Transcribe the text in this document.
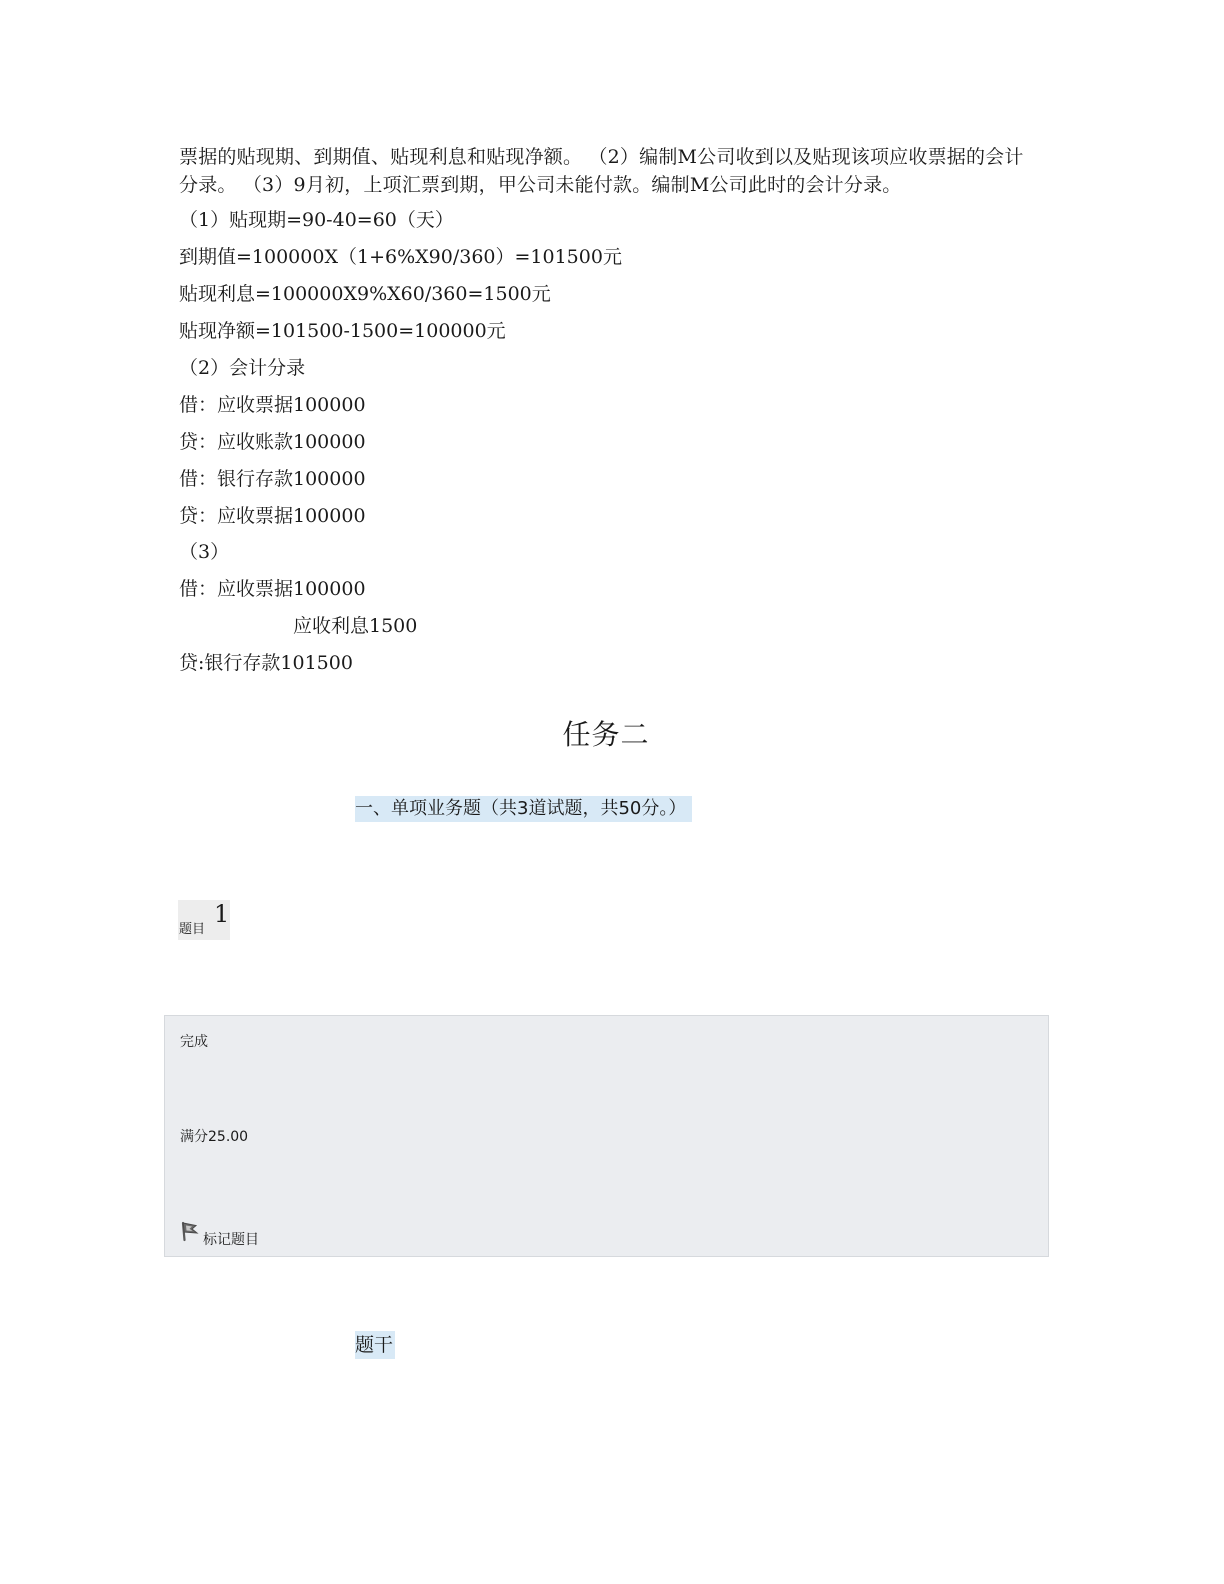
票据的贴现期、到期值、贴现利息和贴现净额。 （2）编制M公司收到以及贴现该项应收票据的会计分录。 （3）9月初，上项汇票到期，甲公司未能付款。编制M公司此时的会计分录。
（1）贴现期=90-40=60（天）
到期值=100000X（1+6%X90/360）=101500元
贴现利息=100000X9%X60/360=1500元
贴现净额=101500-1500=100000元
（2）会计分录
借：应收票据100000
贷：应收账款100000
借：银行存款100000
贷：应收票据100000
（3）
借：应收票据100000
应收利息1500
贷:银行存款101500
任务二
一、单项业务题（共3道试题，共50分。）
题目
1
完成
满分25.00
标记题目
题干
